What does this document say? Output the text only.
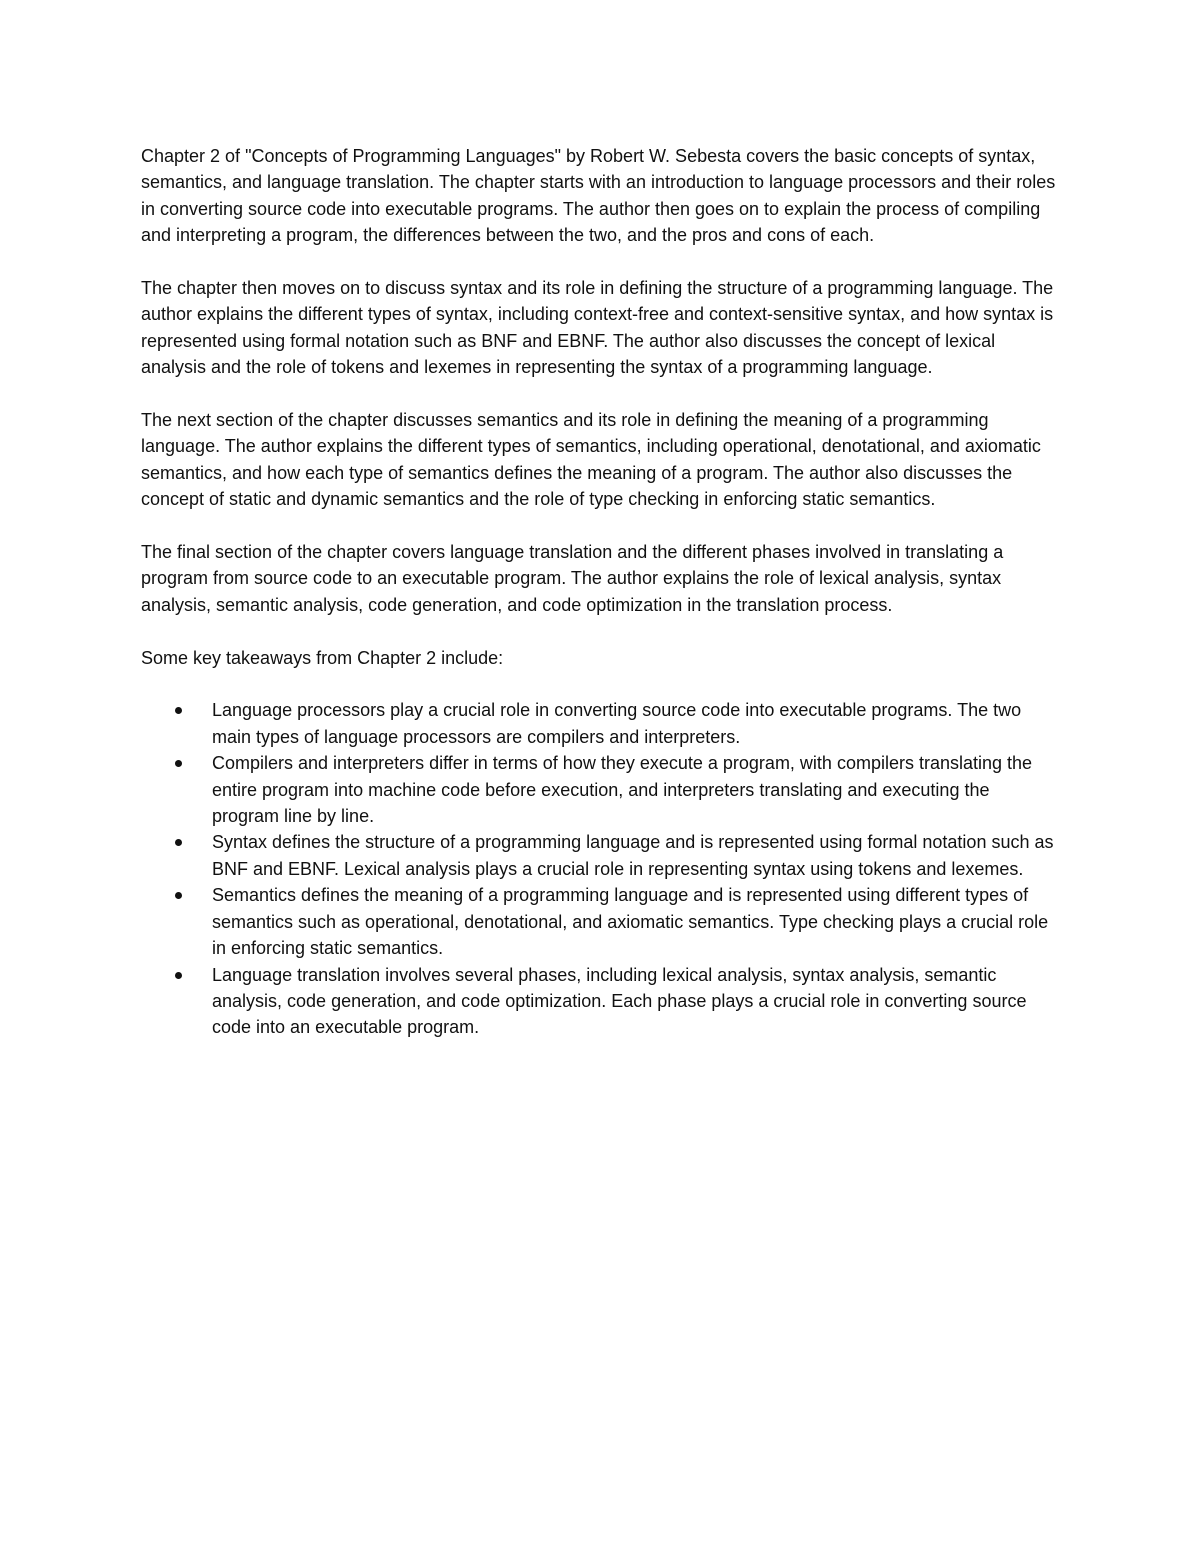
Chapter 2 of "Concepts of Programming Languages" by Robert W. Sebesta covers the basic concepts of syntax, semantics, and language translation. The chapter starts with an introduction to language processors and their roles in converting source code into executable programs. The author then goes on to explain the process of compiling and interpreting a program, the differences between the two, and the pros and cons of each.

The chapter then moves on to discuss syntax and its role in defining the structure of a programming language. The author explains the different types of syntax, including context-free and context-sensitive syntax, and how syntax is represented using formal notation such as BNF and EBNF. The author also discusses the concept of lexical analysis and the role of tokens and lexemes in representing the syntax of a programming language.

The next section of the chapter discusses semantics and its role in defining the meaning of a programming language. The author explains the different types of semantics, including operational, denotational, and axiomatic semantics, and how each type of semantics defines the meaning of a program. The author also discusses the concept of static and dynamic semantics and the role of type checking in enforcing static semantics.

The final section of the chapter covers language translation and the different phases involved in translating a program from source code to an executable program. The author explains the role of lexical analysis, syntax analysis, semantic analysis, code generation, and code optimization in the translation process.

Some key takeaways from Chapter 2 include:

Language processors play a crucial role in converting source code into executable programs. The two main types of language processors are compilers and interpreters.
Compilers and interpreters differ in terms of how they execute a program, with compilers translating the entire program into machine code before execution, and interpreters translating and executing the program line by line.
Syntax defines the structure of a programming language and is represented using formal notation such as BNF and EBNF. Lexical analysis plays a crucial role in representing syntax using tokens and lexemes.
Semantics defines the meaning of a programming language and is represented using different types of semantics such as operational, denotational, and axiomatic semantics. Type checking plays a crucial role in enforcing static semantics.
Language translation involves several phases, including lexical analysis, syntax analysis, semantic analysis, code generation, and code optimization. Each phase plays a crucial role in converting source code into an executable program.
